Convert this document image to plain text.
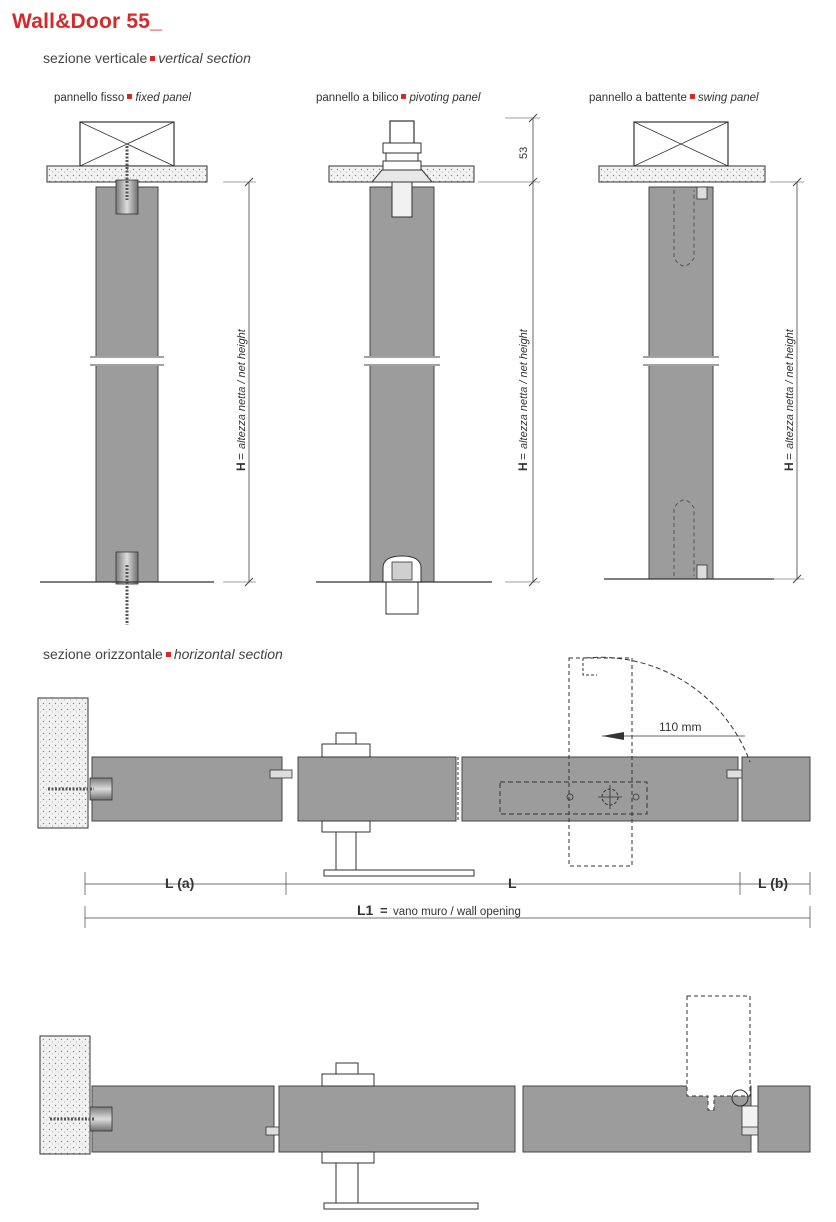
Wall&Door 55_
sezione verticale vertical section
pannello fisso fixed panel	pannello a bilico pivoting panel	pannello a battente swing panel
sezione orizzontale horizontal section
H
=
altezza netta / net height
53
H
=
altezza netta / net height
H
=
altezza netta / net height
110 mm
L (a)	L	L (b)
L1 = vano muro / wall opening
